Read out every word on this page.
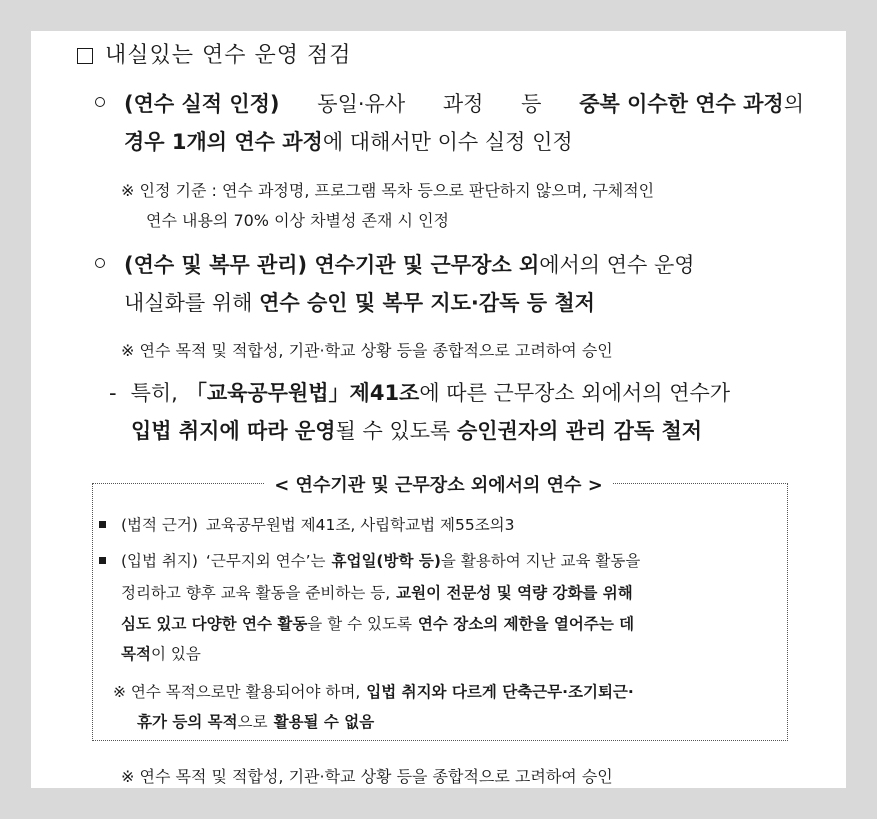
내실있는 연수 운영 점검
(연수 실적 인정) 동일·유사 과정 등 중복 이수한 연수 과정의
경우 1개의 연수 과정 에 대해서만 이수 실정 인정
※ 인정 기준 : 연수 과정명, 프로그램 목차 등으로 판단하지 않으며, 구체적인
연수 내용의 70% 이상 차별성 존재 시 인정
(연수 및 복무 관리) 연수기관 및 근무장소 외 에서의 연수 운영
내실화를 위해 연수 승인 및 복무 지도·감독 등 철저
※ 연수 목적 및 적합성, 기관·학교 상황 등을 종합적으로 고려하여 승인
- 특히, 「교육공무원법」제41조 에 따른 근무장소 외에서의 연수가
입법 취지에 따라 운영 될 수 있도록 승인권자의 관리 감독 철저
< 연수기관 및 근무장소 외에서의 연수 >
(법적 근거) 교육공무원법 제41조, 사립학교법 제55조의3
(입법 취지) ‘근무지외 연수’는 휴업일(방학 등) 을 활용하여 지난 교육 활동을
정리하고 향후 교육 활동을 준비하는 등, 교원이 전문성 및 역량 강화를 위해
심도 있고 다양한 연수 활동 을 할 수 있도록 연수 장소의 제한을 열어주는 데
목적 이 있음
※ 연수 목적으로만 활용되어야 하며, 입법 취지와 다르게 단축근무·조기퇴근·
휴가 등의 목적 으로 활용될 수 없음
※ 연수 목적 및 적합성, 기관·학교 상황 등을 종합적으로 고려하여 승인
